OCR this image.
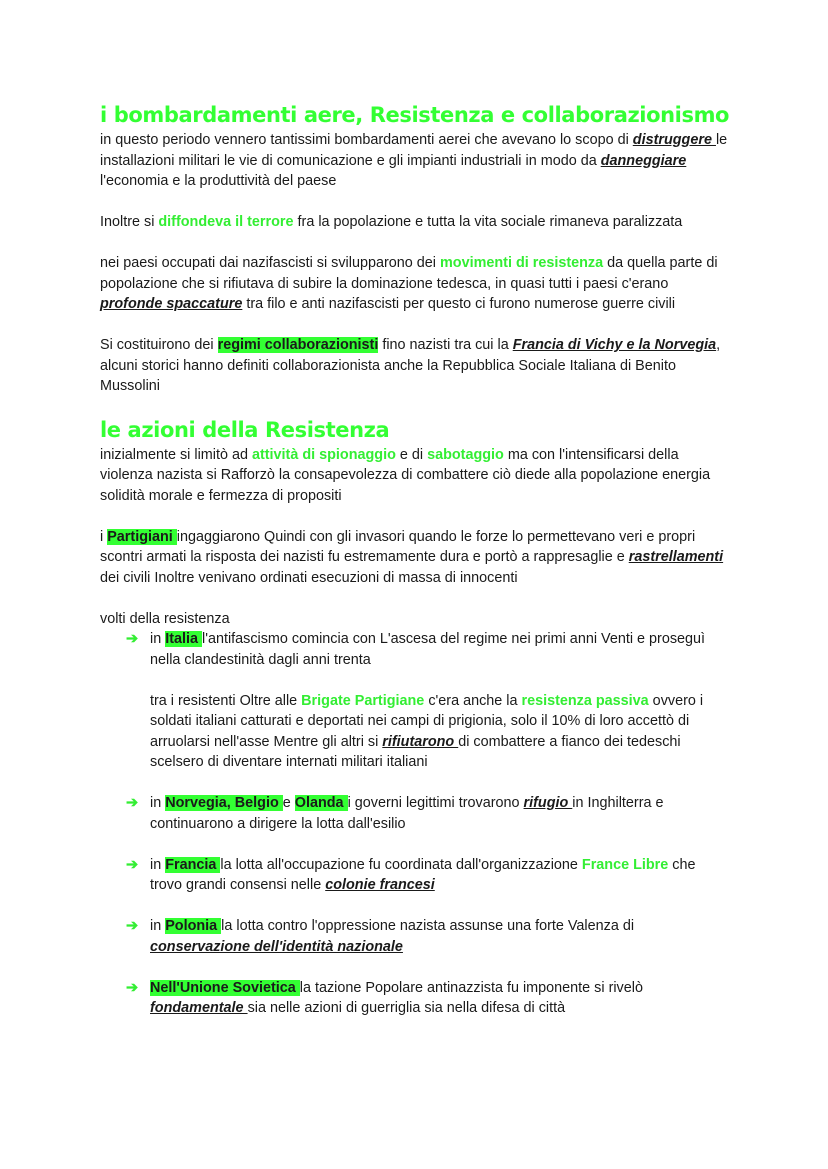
i bombardamenti aere, Resistenza e collaborazionismo

in questo periodo vennero tantissimi bombardamenti aerei che avevano lo scopo di distruggere le installazioni militari le vie di comunicazione e gli impianti industriali in modo da danneggiare l'economia e la produttività del paese

Inoltre si diffondeva il terrore fra la popolazione e tutta la vita sociale rimaneva paralizzata

nei paesi occupati dai nazifascisti si svilupparono dei movimenti di resistenza da quella parte di popolazione che si rifiutava di subire la dominazione tedesca, in quasi tutti i paesi c'erano profonde spaccature tra filo e anti nazifascisti per questo ci furono numerose guerre civili

Si costituirono dei regimi collaborazionisti fino nazisti tra cui la Francia di Vichy e la Norvegia, alcuni storici hanno definiti collaborazionista anche la Repubblica Sociale Italiana di Benito Mussolini

le azioni della Resistenza

inizialmente si limitò ad attività di spionaggio e di sabotaggio ma con l'intensificarsi della violenza nazista si Rafforzò la consapevolezza di combattere ciò diede alla popolazione energia solidità morale e fermezza di propositi

i Partigiani ingaggiarono Quindi con gli invasori quando le forze lo permettevano veri e propri scontri armati la risposta dei nazisti fu estremamente dura e portò a rappresaglie e rastrellamenti dei civili Inoltre venivano ordinati esecuzioni di massa di innocenti

volti della resistenza

➔ in Italia l'antifascismo comincia con L'ascesa del regime nei primi anni Venti e proseguì nella clandestinità dagli anni trenta

tra i resistenti Oltre alle Brigate Partigiane c'era anche la resistenza passiva ovvero i soldati italiani catturati e deportati nei campi di prigionia, solo il 10% di loro accettò di arruolarsi nell'asse Mentre gli altri si rifiutarono di combattere a fianco dei tedeschi scelsero di diventare internati militari italiani

➔ in Norvegia, Belgio e Olanda i governi legittimi trovarono rifugio in Inghilterra e continuarono a dirigere la lotta dall'esilio

➔ in Francia la lotta all'occupazione fu coordinata dall'organizzazione France Libre che trovo grandi consensi nelle colonie francesi

➔ in Polonia la lotta contro l'oppressione nazista assunse una forte Valenza di conservazione dell'identità nazionale

➔ Nell'Unione Sovietica la tazione Popolare antinazzista fu imponente si rivelò fondamentale sia nelle azioni di guerriglia sia nella difesa di città
